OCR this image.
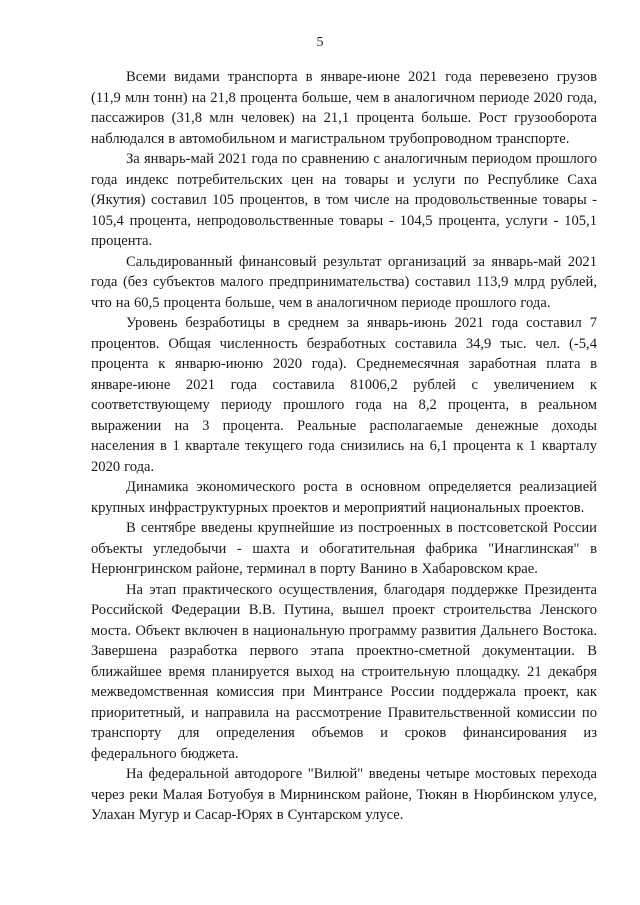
5

Всеми видами транспорта в январе-июне 2021 года перевезено грузов (11,9 млн тонн) на 21,8 процента больше, чем в аналогичном периоде 2020 года, пассажиров (31,8 млн человек) на 21,1 процента больше. Рост грузооборота наблюдался в автомобильном и магистральном трубопроводном транспорте.

За январь-май 2021 года по сравнению с аналогичным периодом прошлого года индекс потребительских цен на товары и услуги по Республике Саха (Якутия) составил 105 процентов, в том числе на продовольственные товары - 105,4 процента, непродовольственные товары - 104,5 процента, услуги - 105,1 процента.

Сальдированный финансовый результат организаций за январь-май 2021 года (без субъектов малого предпринимательства) составил 113,9 млрд рублей, что на 60,5 процента больше, чем в аналогичном периоде прошлого года.

Уровень безработицы в среднем за январь-июнь 2021 года составил 7 процентов. Общая численность безработных составила 34,9 тыс. чел. (-5,4 процента к январю-июню 2020 года). Среднемесячная заработная плата в январе-июне 2021 года составила 81006,2 рублей с увеличением к соответствующему периоду прошлого года на 8,2 процента, в реальном выражении на 3 процента. Реальные располагаемые денежные доходы населения в 1 квартале текущего года снизились на 6,1 процента к 1 кварталу 2020 года.

Динамика экономического роста в основном определяется реализацией крупных инфраструктурных проектов и мероприятий национальных проектов.

В сентябре введены крупнейшие из построенных в постсоветской России объекты угледобычи - шахта и обогатительная фабрика "Инаглинская" в Нерюнгринском районе, терминал в порту Ванино в Хабаровском крае.

На этап практического осуществления, благодаря поддержке Президента Российской Федерации В.В. Путина, вышел проект строительства Ленского моста. Объект включен в национальную программу развития Дальнего Востока. Завершена разработка первого этапа проектно-сметной документации. В ближайшее время планируется выход на строительную площадку. 21 декабря межведомственная комиссия при Минтрансе России поддержала проект, как приоритетный, и направила на рассмотрение Правительственной комиссии по транспорту для определения объемов и сроков финансирования из федерального бюджета.

На федеральной автодороге "Вилюй" введены четыре мостовых перехода через реки Малая Ботуобуя в Мирнинском районе, Тюкян в Нюрбинском улусе, Улахан Мугур и Сасар-Юрях в Сунтарском улусе.
